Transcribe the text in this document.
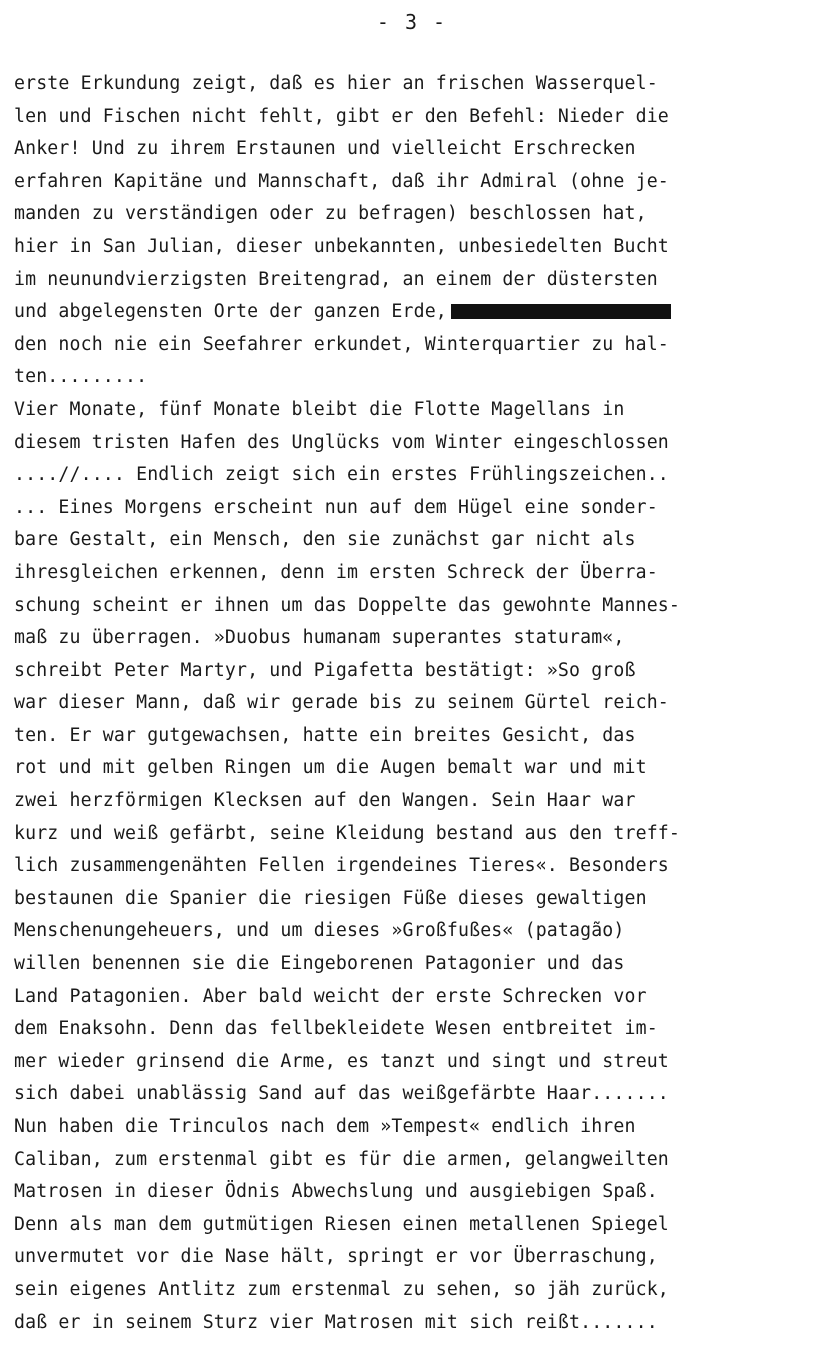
- 3 -
erste Erkundung zeigt, daß es hier an frischen Wasserquel-
len und Fischen nicht fehlt, gibt er den Befehl: Nieder die
Anker! Und zu ihrem Erstaunen und vielleicht Erschrecken
erfahren Kapitäne und Mannschaft, daß ihr Admiral (ohne je-
manden zu verständigen oder zu befragen) beschlossen hat,
hier in San Julian, dieser unbekannten, unbesiedelten Bucht
im neunundvierzigsten Breitengrad, an einem der düstersten
und abgelegensten Orte der ganzen Erde,
den noch nie ein Seefahrer erkundet, Winterquartier zu hal-
ten.........
Vier Monate, fünf Monate bleibt die Flotte Magellans in
diesem tristen Hafen des Unglücks vom Winter eingeschlossen
....//.... Endlich zeigt sich ein erstes Frühlingszeichen..
... Eines Morgens erscheint nun auf dem Hügel eine sonder-
bare Gestalt, ein Mensch, den sie zunächst gar nicht als
ihresgleichen erkennen, denn im ersten Schreck der Überra-
schung scheint er ihnen um das Doppelte das gewohnte Mannes-
maß zu überragen. »Duobus humanam superantes staturam«,
schreibt Peter Martyr, und Pigafetta bestätigt: »So groß
war dieser Mann, daß wir gerade bis zu seinem Gürtel reich-
ten. Er war gutgewachsen, hatte ein breites Gesicht, das
rot und mit gelben Ringen um die Augen bemalt war und mit
zwei herzförmigen Klecksen auf den Wangen. Sein Haar war
kurz und weiß gefärbt, seine Kleidung bestand aus den treff-
lich zusammengenähten Fellen irgendeines Tieres«. Besonders
bestaunen die Spanier die riesigen Füße dieses gewaltigen
Menschenungeheuers, und um dieses »Großfußes« (patagão)
willen benennen sie die Eingeborenen Patagonier und das
Land Patagonien. Aber bald weicht der erste Schrecken vor
dem Enaksohn. Denn das fellbekleidete Wesen entbreitet im-
mer wieder grinsend die Arme, es tanzt und singt und streut
sich dabei unablässig Sand auf das weißgefärbte Haar.......
Nun haben die Trinculos nach dem »Tempest« endlich ihren
Caliban, zum erstenmal gibt es für die armen, gelangweilten
Matrosen in dieser Ödnis Abwechslung und ausgiebigen Spaß.
Denn als man dem gutmütigen Riesen einen metallenen Spiegel
unvermutet vor die Nase hält, springt er vor Überraschung,
sein eigenes Antlitz zum erstenmal zu sehen, so jäh zurück,
daß er in seinem Sturz vier Matrosen mit sich reißt.......
